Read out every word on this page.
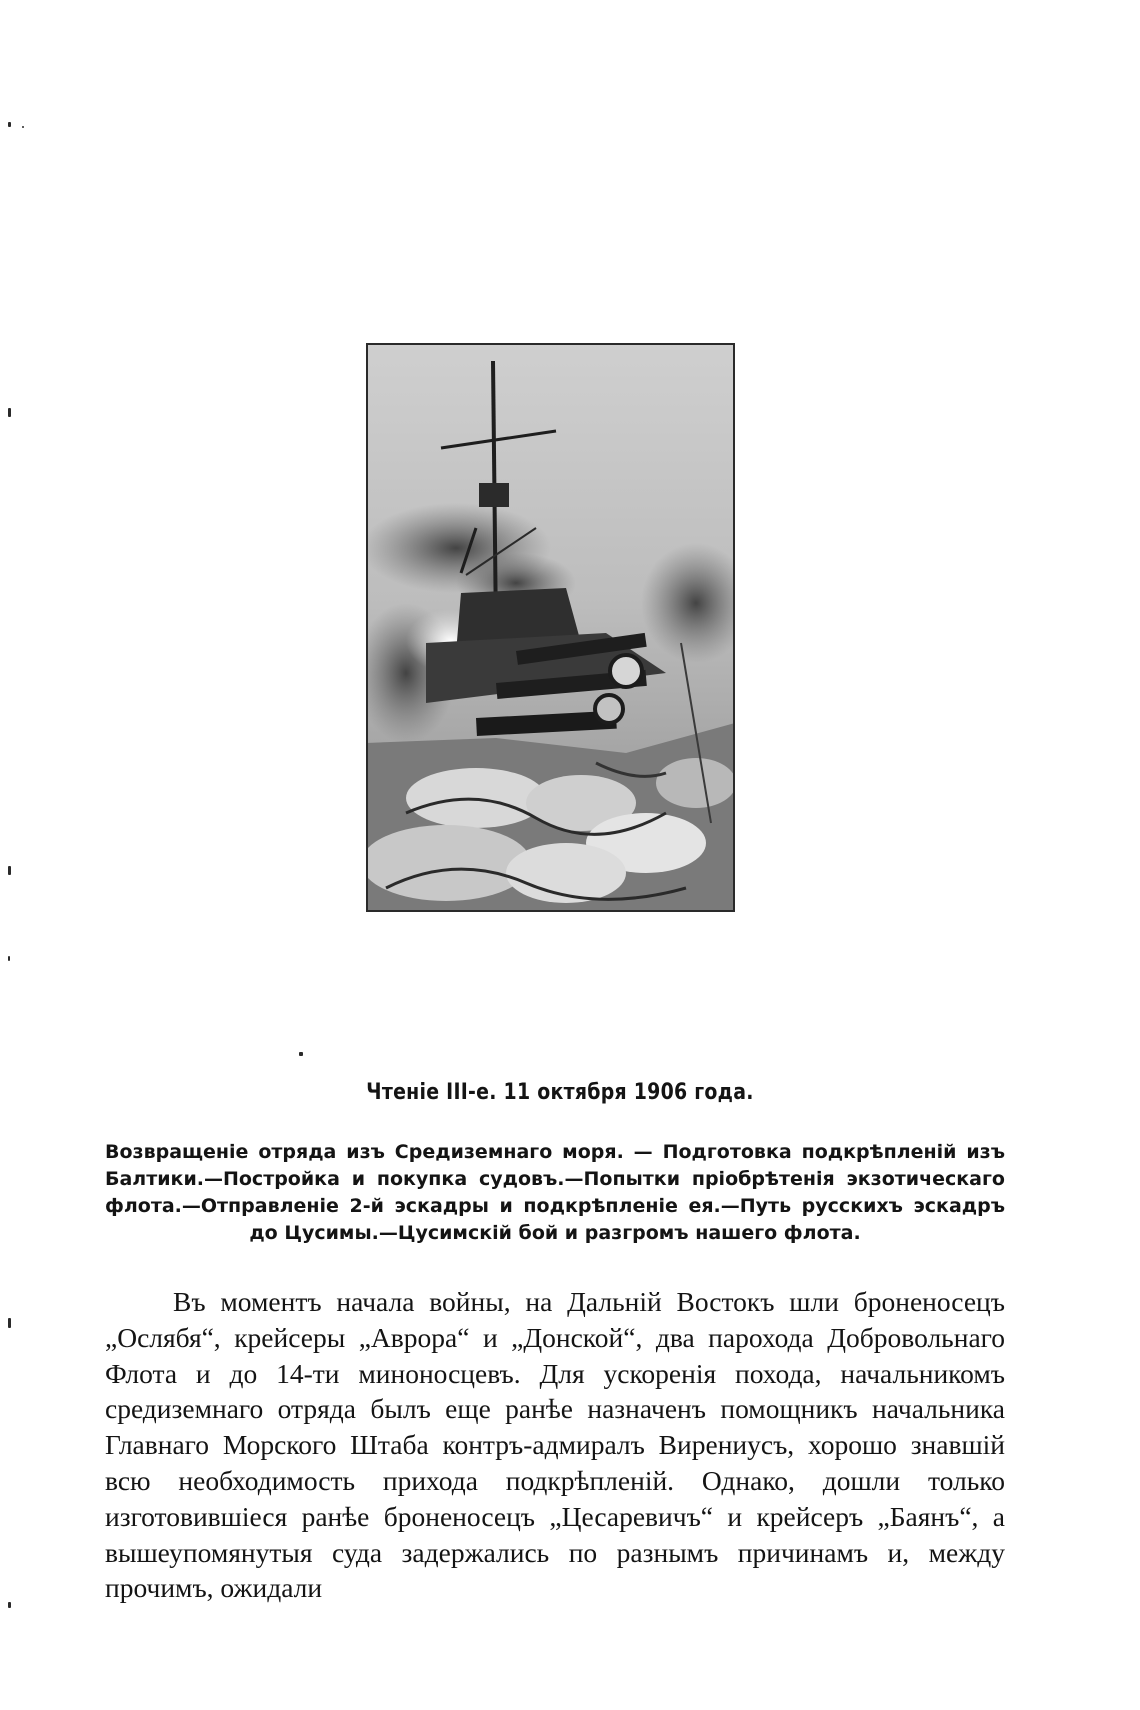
Чтеніе III-е. 11 октября 1906 года.
Возвращеніе отряда изъ Средиземнаго моря. — Подготовка подкрѣпленій изъ Балтики.—Постройка и покупка судовъ.—Попытки пріобрѣтенія экзотическаго флота.—Отправленіе 2-й эскадры и подкрѣпленіе ея.—Путь русскихъ эскадръ до Цусимы.—Цусимскій бой и разгромъ нашего флота.
Въ моментъ начала войны, на Дальній Востокъ шли броненосецъ „Ослябя“, крейсеры „Аврора“ и „Донской“, два парохода Добровольнаго Флота и до 14-ти миноносцевъ. Для ускоренія похода, начальникомъ средиземнаго отряда былъ еще ранѣе назначенъ помощникъ начальника Главнаго Морского Штаба контръ-адмиралъ Вирениусъ, хорошо знавшій всю необходимость прихода подкрѣпленій. Однако, дошли только изготовившіеся ранѣе броненосецъ „Цесаревичъ“ и крейсеръ „Баянъ“, а вышеупомянутыя суда задержались по разнымъ причинамъ и, между прочимъ, ожидали
